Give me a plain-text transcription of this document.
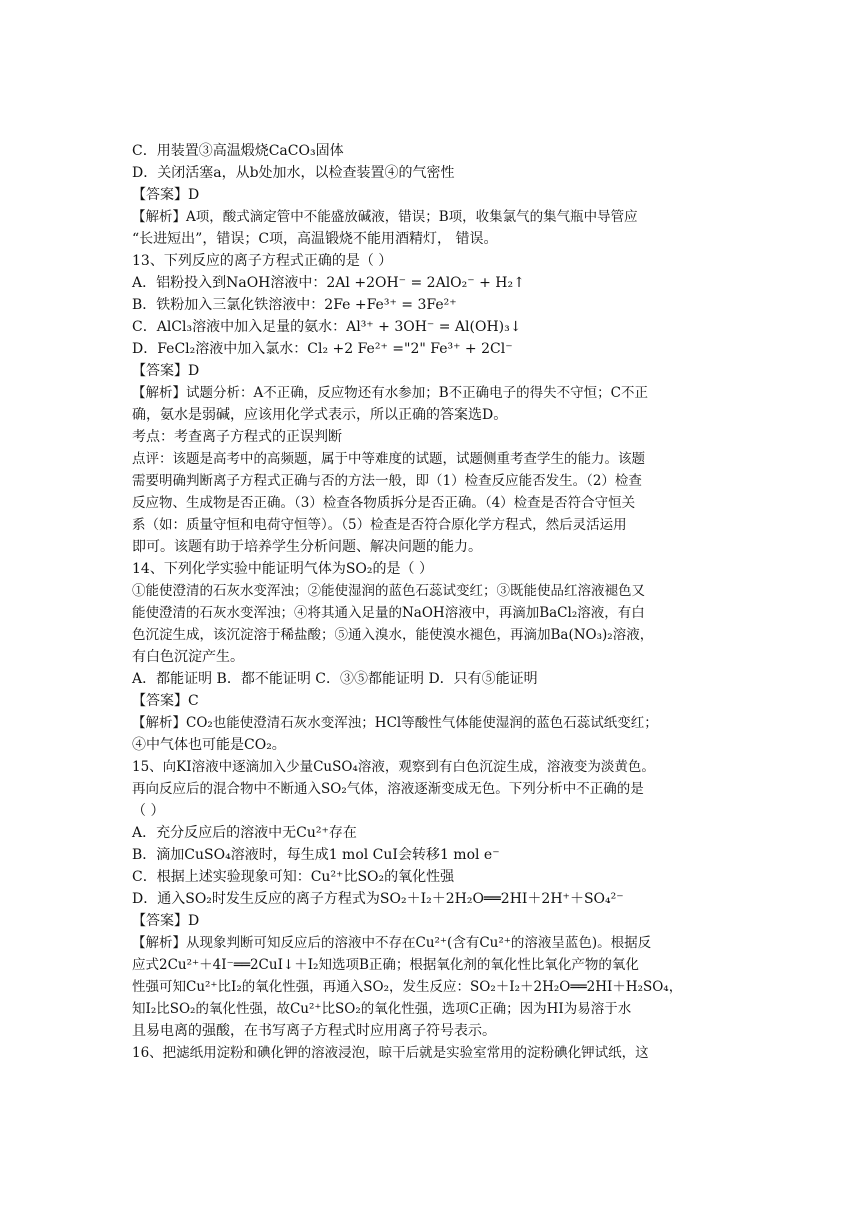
C．用装置③高温煅烧CaCO₃固体
D．关闭活塞a，从b处加水，以检查装置④的气密性
【答案】D
【解析】A项，酸式滴定管中不能盛放碱液，错误；B项，收集氯气的集气瓶中导管应
“长进短出”，错误；C项，高温锻烧不能用酒精灯， 错误。
13、下列反应的离子方程式正确的是（ ）
A．铝粉投入到NaOH溶液中：2Al +2OH⁻ = 2AlO₂⁻ + H₂↑
B．铁粉加入三氯化铁溶液中：2Fe +Fe³⁺ = 3Fe²⁺
C．AlCl₃溶液中加入足量的氨水：Al³⁺ + 3OH⁻ = Al(OH)₃↓
D．FeCl₂溶液中加入氯水：Cl₂ +2 Fe²⁺ ="2" Fe³⁺ + 2Cl⁻
【答案】D
【解析】试题分析：A不正确，反应物还有水参加；B不正确电子的得失不守恒；C不正
确，氨水是弱碱，应该用化学式表示，所以正确的答案选D。
考点：考查离子方程式的正误判断
点评：该题是高考中的高频题，属于中等难度的试题，试题侧重考查学生的能力。该题
需要明确判断离子方程式正确与否的方法一般，即（1）检查反应能否发生。（2）检查
反应物、生成物是否正确。（3）检查各物质拆分是否正确。（4）检查是否符合守恒关
系（如：质量守恒和电荷守恒等）。（5）检查是否符合原化学方程式，然后灵活运用
即可。该题有助于培养学生分析问题、解决问题的能力。
14、下列化学实验中能证明气体为SO₂的是（ ）
①能使澄清的石灰水变浑浊；②能使湿润的蓝色石蕊试变红；③既能使品红溶液褪色又
能使澄清的石灰水变浑浊；④将其通入足量的NaOH溶液中，再滴加BaCl₂溶液，有白
色沉淀生成，该沉淀溶于稀盐酸；⑤通入溴水，能使溴水褪色，再滴加Ba(NO₃)₂溶液，
有白色沉淀产生。
A．都能证明 B．都不能证明 C．③⑤都能证明 D．只有⑤能证明
【答案】C
【解析】CO₂也能使澄清石灰水变浑浊；HCl等酸性气体能使湿润的蓝色石蕊试纸变红；
④中气体也可能是CO₂。
15、向KI溶液中逐滴加入少量CuSO₄溶液，观察到有白色沉淀生成，溶液变为淡黄色。
再向反应后的混合物中不断通入SO₂气体，溶液逐渐变成无色。下列分析中不正确的是
（ ）
A．充分反应后的溶液中无Cu²⁺存在
B．滴加CuSO₄溶液时，每生成1 mol CuI会转移1 mol e⁻
C．根据上述实验现象可知：Cu²⁺比SO₂的氧化性强
D．通入SO₂时发生反应的离子方程式为SO₂＋I₂＋2H₂O══2HI＋2H⁺＋SO₄²⁻
【答案】D
【解析】从现象判断可知反应后的溶液中不存在Cu²⁺(含有Cu²⁺的溶液呈蓝色)。根据反
应式2Cu²⁺＋4I⁻══2CuI↓＋I₂知选项B正确；根据氧化剂的氧化性比氧化产物的氧化
性强可知Cu²⁺比I₂的氧化性强，再通入SO₂，发生反应：SO₂＋I₂＋2H₂O══2HI＋H₂SO₄，
知I₂比SO₂的氧化性强，故Cu²⁺比SO₂的氧化性强，选项C正确；因为HI为易溶于水
且易电离的强酸，在书写离子方程式时应用离子符号表示。
16、把滤纸用淀粉和碘化钾的溶液浸泡，晾干后就是实验室常用的淀粉碘化钾试纸，这
